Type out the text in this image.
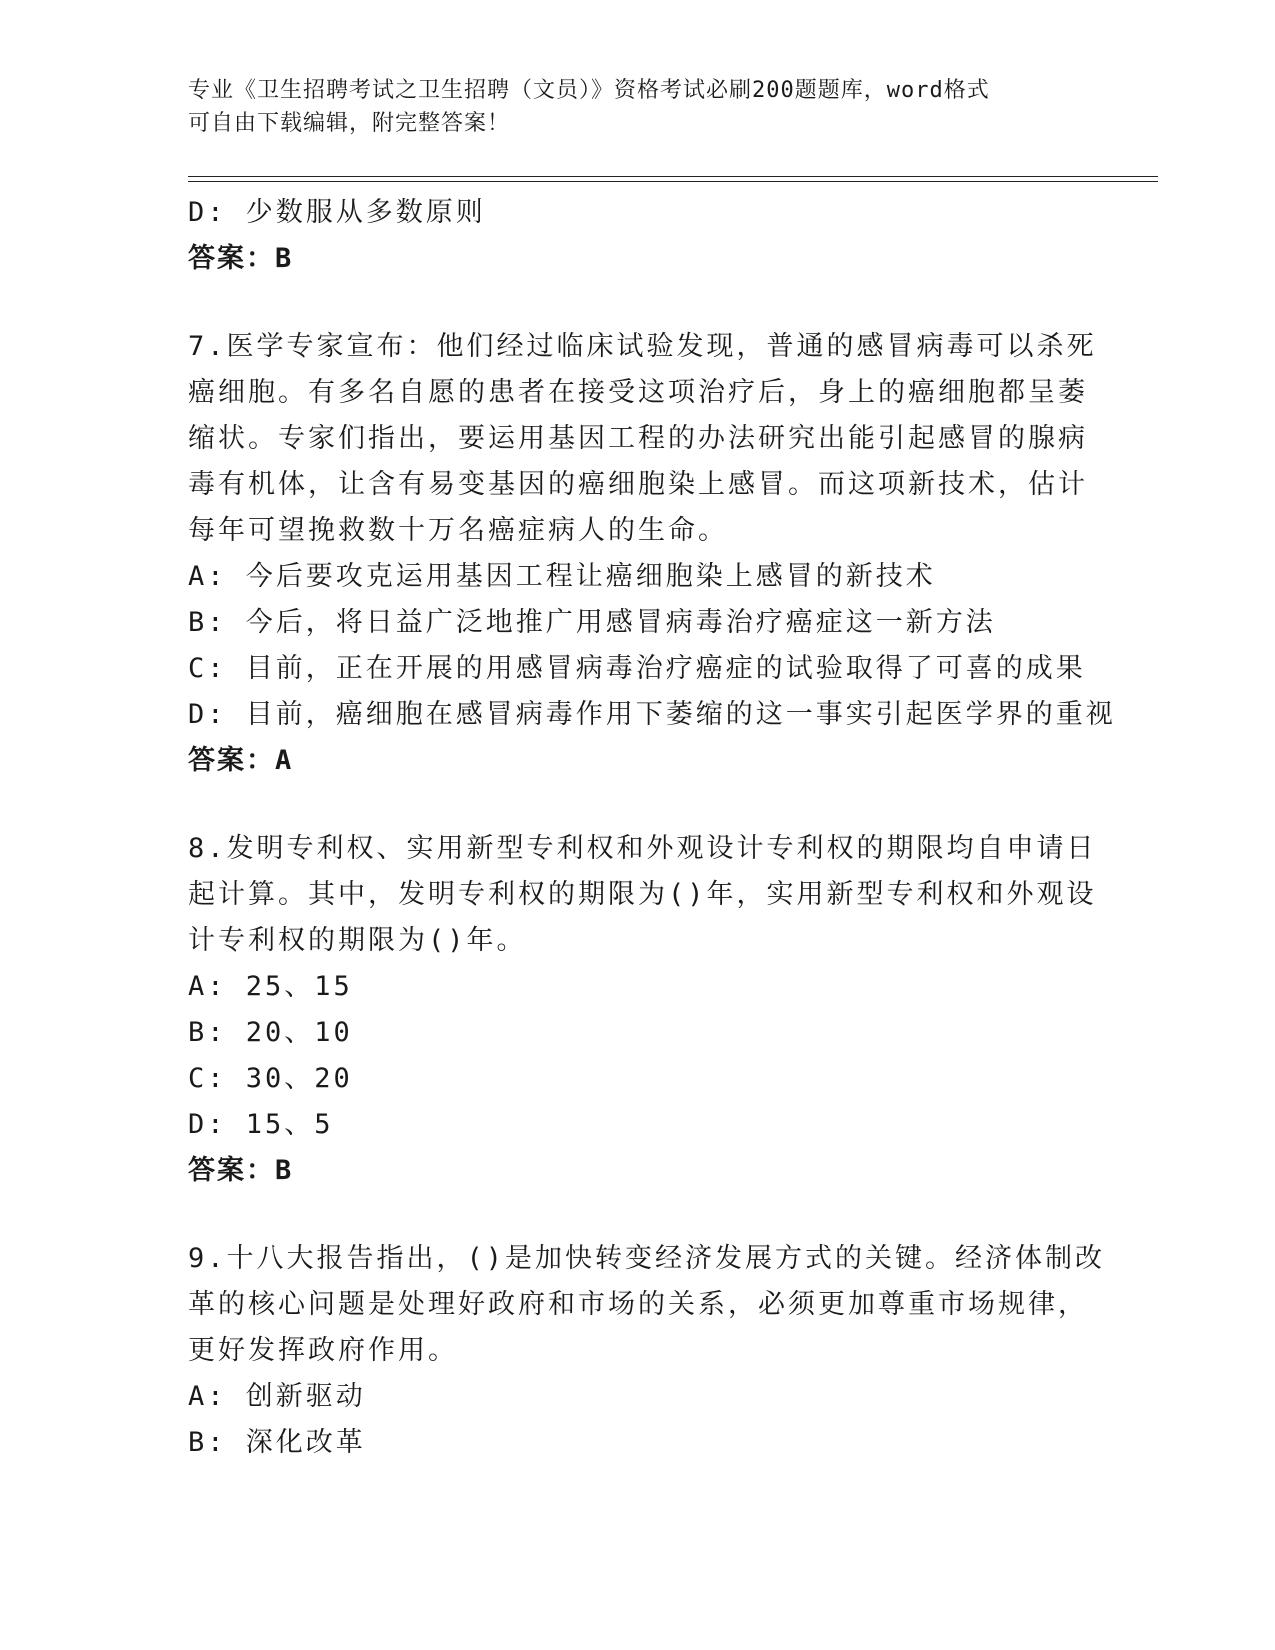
专业《卫生招聘考试之卫生招聘（文员）》资格考试必刷200题题库，word格式
可自由下载编辑，附完整答案！
D: 少数服从多数原则
答案：B
7.医学专家宣布：他们经过临床试验发现，普通的感冒病毒可以杀死
癌细胞。有多名自愿的患者在接受这项治疗后，身上的癌细胞都呈萎
缩状。专家们指出，要运用基因工程的办法研究出能引起感冒的腺病
毒有机体，让含有易变基因的癌细胞染上感冒。而这项新技术，估计
每年可望挽救数十万名癌症病人的生命。
A: 今后要攻克运用基因工程让癌细胞染上感冒的新技术
B: 今后，将日益广泛地推广用感冒病毒治疗癌症这一新方法
C: 目前，正在开展的用感冒病毒治疗癌症的试验取得了可喜的成果
D: 目前，癌细胞在感冒病毒作用下萎缩的这一事实引起医学界的重视
答案：A
8.发明专利权、实用新型专利权和外观设计专利权的期限均自申请日
起计算。其中，发明专利权的期限为()年，实用新型专利权和外观设
计专利权的期限为()年。
A: 25、15
B: 20、10
C: 30、20
D: 15、5
答案：B
9.十八大报告指出，()是加快转变经济发展方式的关键。经济体制改
革的核心问题是处理好政府和市场的关系，必须更加尊重市场规律，
更好发挥政府作用。
A: 创新驱动
B: 深化改革
